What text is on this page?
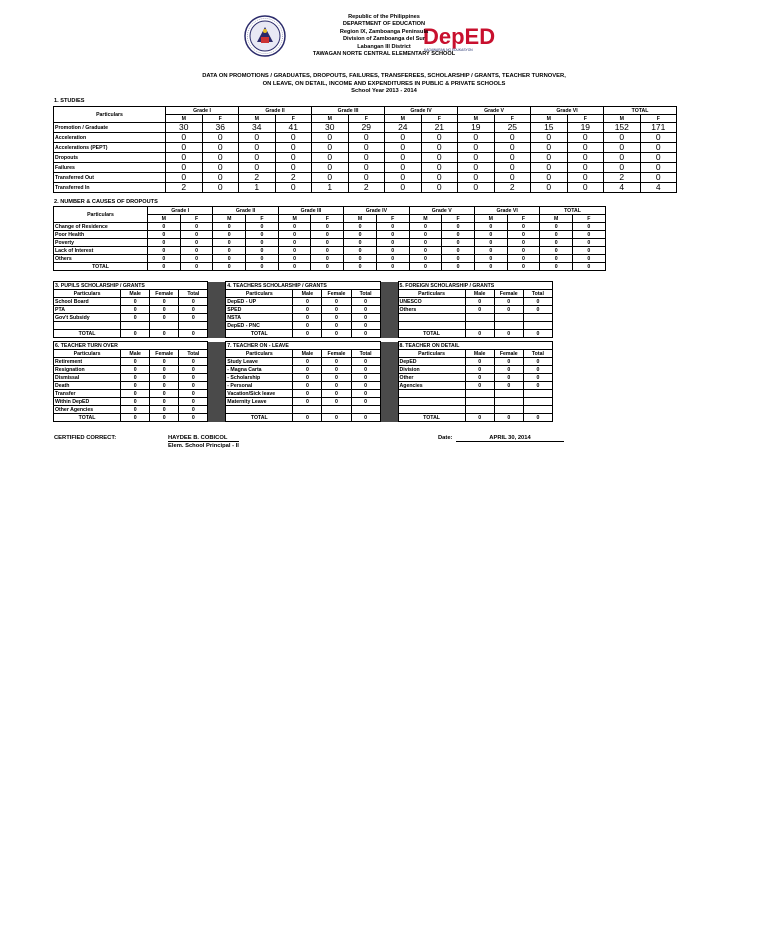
DepED
KAGAWARAN NG EDUKASYON
Republic of the Philippines
DEPARTMENT OF EDUCATION
Region IX, Zamboanga Peninsula
Division of Zamboanga del Sur
Labangan III District
TAWAGAN NORTE CENTRAL ELEMENTARY SCHOOL
DATA ON PROMOTIONS / GRADUATES, DROPOUTS, FAILURES, TRANSFEREES, SCHOLARSHIP / GRANTS, TEACHER TURNOVER,
ON LEAVE, ON DETAIL, INCOME AND EXPENDITURES IN PUBLIC & PRIVATE SCHOOLS
School Year 2013 - 2014
1. STUDIES
Particulars	Grade I		Grade II		Grade III		Grade IV		Grade V		Grade VI		TOTAL	
	M	F	M	F	M	F	M	F	M	F	M	F	M	F
Promotion / Graduate	30	36	34	41	30	29	24	21	19	25	15	19	152	171
Acceleration	0	0	0	0	0	0	0	0	0	0	0	0	0	0
Accelerations (PEPT)	0	0	0	0	0	0	0	0	0	0	0	0	0	0
Dropouts	0	0	0	0	0	0	0	0	0	0	0	0	0	0
Failures	0	0	0	0	0	0	0	0	0	0	0	0	0	0
Transferred Out	0	0	2	2	0	0	0	0	0	0	0	0	2	0
Transferred In	2	0	1	0	1	2	0	0	0	2	0	0	4	4
2. NUMBER & CAUSES OF DROPOUTS
Particulars	Grade I		Grade II		Grade III		Grade IV		Grade V		Grade VI		TOTAL	
	M	F	M	F	M	F	M	F	M	F	M	F	M	F
Change of Residence	0	0	0	0	0	0	0	0	0	0	0	0	0	0
Poor Health	0	0	0	0	0	0	0	0	0	0	0	0	0	0
Poverty	0	0	0	0	0	0	0	0	0	0	0	0	0	0
Lack of Interest	0	0	0	0	0	0	0	0	0	0	0	0	0	0
Others	0	0	0	0	0	0	0	0	0	0	0	0	0	0
TOTAL	0	0	0	0	0	0	0	0	0	0	0	0	0	0
3. PUPILS SCHOLARSHIP / GRANTS					4. TEACHERS SCHOLARSHIP / GRANTS					5. FOREIGN SCHOLARSHIP / GRANTS			
Particulars	Male	Female	Total		Particulars	Male	Female	Total		Particulars	Male	Female	Total
School Board	0	0	0		DepED - UP	0	0	0		UNESCO	0	0	0
PTA	0	0	0		SPED	0	0	0		Others	0	0	0
Gov't Subsidy	0	0	0		NSTA	0	0	0					
					DepED - PNC	0	0	0					
TOTAL	0	0	0		TOTAL	0	0	0		TOTAL	0	0	0
6. TEACHER TURN OVER					7. TEACHER ON - LEAVE					8. TEACHER ON DETAIL			
Particulars	Male	Female	Total		Particulars	Male	Female	Total		Particulars	Male	Female	Total
Retirement	0	0	0		Study Leave	0	0	0		DepED	0	0	0
Resignation	0	0	0		- Magna Carta	0	0	0		Division	0	0	0
Dismissal	0	0	0		- Scholarship	0	0	0		Other	0	0	0
Death	0	0	0		- Personal	0	0	0		Agencies	0	0	0
Transfer	0	0	0		Vacation/Sick leave	0	0	0					
Within DepED	0	0	0		Maternity Leave	0	0	0					
Other Agencies	0	0	0										
TOTAL	0	0	0		TOTAL	0	0	0		TOTAL	0	0	0
CERTIFIED CORRECT:	HAYDEE B. COBICOL
Elem. School Principal - II
Date:	APRIL 30, 2014
